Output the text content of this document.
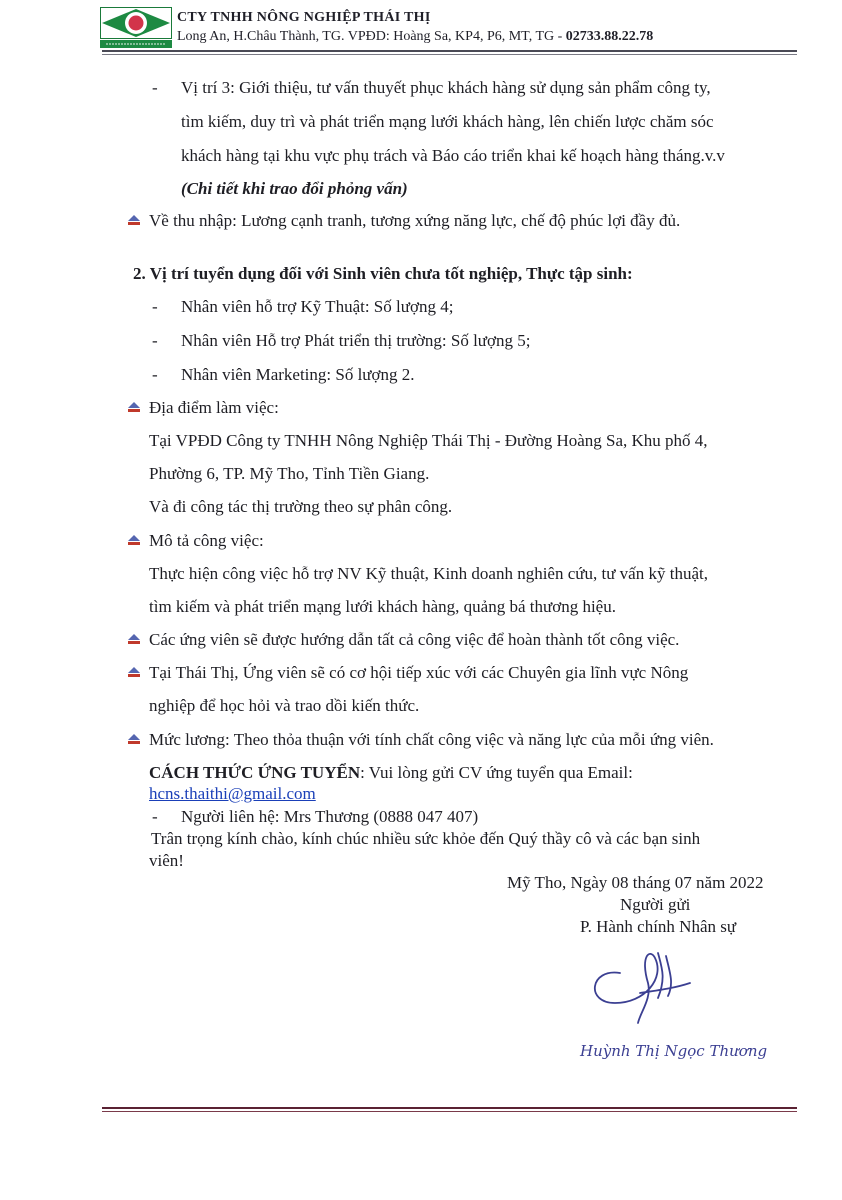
CTY TNHH NÔNG NGHIỆP THÁI THỊ
Long An, H.Châu Thành, TG. VPĐD: Hoàng Sa, KP4, P6, MT, TG - 02733.88.22.78
- Vị trí 3: Giới thiệu, tư vấn thuyết phục khách hàng sử dụng sản phẩm công ty,
tìm kiếm, duy trì và phát triển mạng lưới khách hàng, lên chiến lược chăm sóc
khách hàng tại khu vực phụ trách và Báo cáo triển khai kế hoạch hàng tháng.v.v
(Chi tiết khi trao đổi phỏng vấn)
Về thu nhập: Lương cạnh tranh, tương xứng năng lực, chế độ phúc lợi đầy đủ.
2. Vị trí tuyển dụng đối với Sinh viên chưa tốt nghiệp, Thực tập sinh:
- Nhân viên hỗ trợ Kỹ Thuật: Số lượng 4;
- Nhân viên Hỗ trợ Phát triển thị trường: Số lượng 5;
- Nhân viên Marketing: Số lượng 2.
Địa điểm làm việc:
Tại VPĐD Công ty TNHH Nông Nghiệp Thái Thị - Đường Hoàng Sa, Khu phố 4,
Phường 6, TP. Mỹ Tho, Tỉnh Tiền Giang.
Và đi công tác thị trường theo sự phân công.
Mô tả công việc:
Thực hiện công việc hỗ trợ NV Kỹ thuật, Kinh doanh nghiên cứu, tư vấn kỹ thuật,
tìm kiếm và phát triển mạng lưới khách hàng, quảng bá thương hiệu.
Các ứng viên sẽ được hướng dẫn tất cả công việc để hoàn thành tốt công việc.
Tại Thái Thị, Ứng viên sẽ có cơ hội tiếp xúc với các Chuyên gia lĩnh vực Nông
nghiệp để học hỏi và trao dồi kiến thức.
Mức lương: Theo thỏa thuận với tính chất công việc và năng lực của mỗi ứng viên.
CÁCH THỨC ỨNG TUYỂN: Vui lòng gửi CV ứng tuyển qua Email:
hcns.thaithi@gmail.com
- Người liên hệ: Mrs Thương (0888 047 407)
Trân trọng kính chào, kính chúc nhiều sức khỏe đến Quý thầy cô và các bạn sinh
viên!
Mỹ Tho, Ngày 08 tháng 07 năm 2022
Người gửi
P. Hành chính Nhân sự
Huỳnh Thị Ngọc Thương
